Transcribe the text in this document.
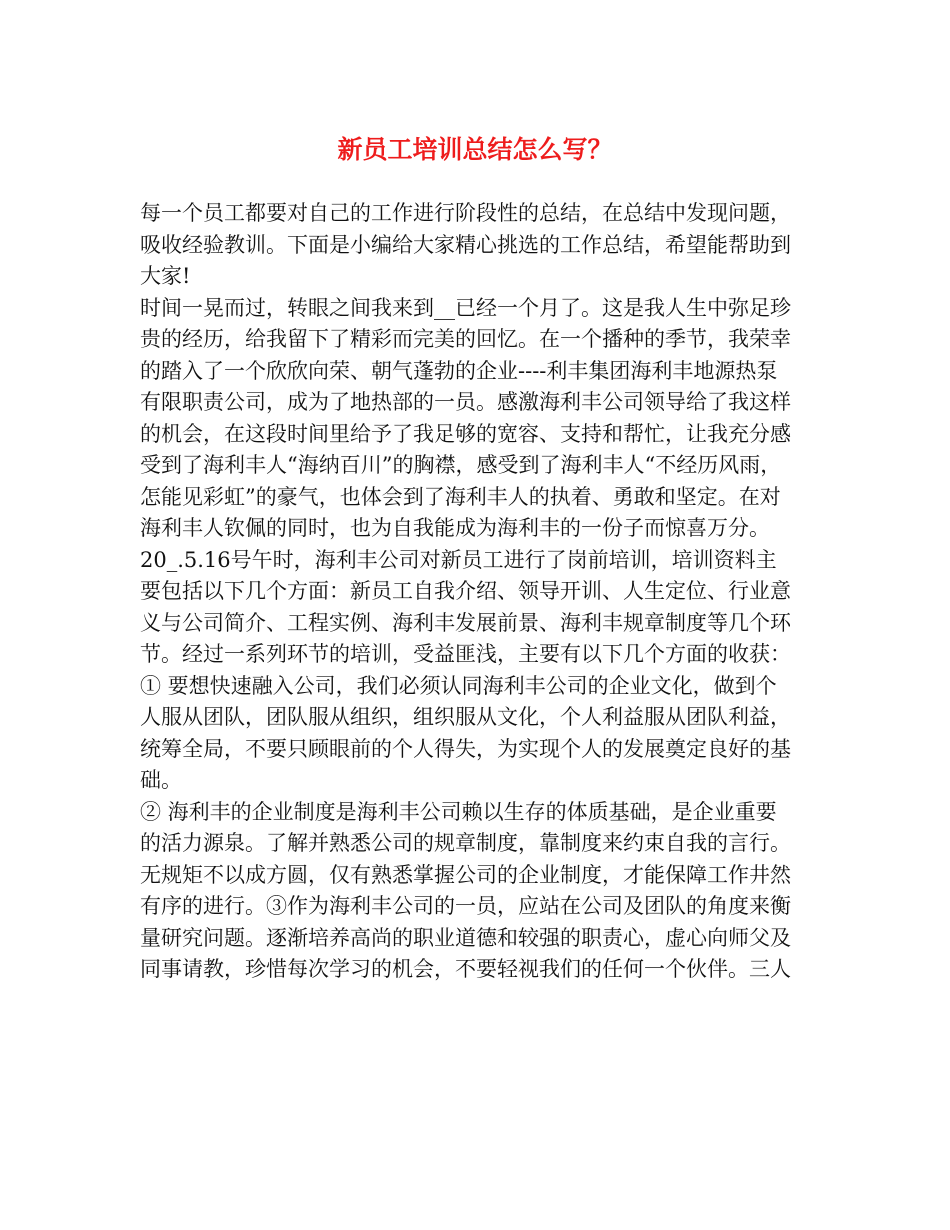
新员工培训总结怎么写？
每一个员工都要对自己的工作进行阶段性的总结，在总结中发现问题，
吸收经验教训。下面是小编给大家精心挑选的工作总结，希望能帮助到
大家!
时间一晃而过，转眼之间我来到__已经一个月了。这是我人生中弥足珍
贵的经历，给我留下了精彩而完美的回忆。在一个播种的季节，我荣幸
的踏入了一个欣欣向荣、朝气蓬勃的企业----利丰集团海利丰地源热泵
有限职责公司，成为了地热部的一员。感激海利丰公司领导给了我这样
的机会，在这段时间里给予了我足够的宽容、支持和帮忙，让我充分感
受到了海利丰人“海纳百川”的胸襟，感受到了海利丰人“不经历风雨，
怎能见彩虹”的豪气，也体会到了海利丰人的执着、勇敢和坚定。在对
海利丰人钦佩的同时，也为自我能成为海利丰的一份子而惊喜万分。
20_.5.16号午时，海利丰公司对新员工进行了岗前培训，培训资料主
要包括以下几个方面：新员工自我介绍、领导开训、人生定位、行业意
义与公司简介、工程实例、海利丰发展前景、海利丰规章制度等几个环
节。经过一系列环节的培训，受益匪浅，主要有以下几个方面的收获：
① 要想快速融入公司，我们必须认同海利丰公司的企业文化，做到个
人服从团队，团队服从组织，组织服从文化，个人利益服从团队利益，
统筹全局，不要只顾眼前的个人得失，为实现个人的发展奠定良好的基
础。
② 海利丰的企业制度是海利丰公司赖以生存的体质基础，是企业重要
的活力源泉。了解并熟悉公司的规章制度，靠制度来约束自我的言行。
无规矩不以成方圆，仅有熟悉掌握公司的企业制度，才能保障工作井然
有序的进行。③作为海利丰公司的一员，应站在公司及团队的角度来衡
量研究问题。逐渐培养高尚的职业道德和较强的职责心，虚心向师父及
同事请教，珍惜每次学习的机会，不要轻视我们的任何一个伙伴。三人
